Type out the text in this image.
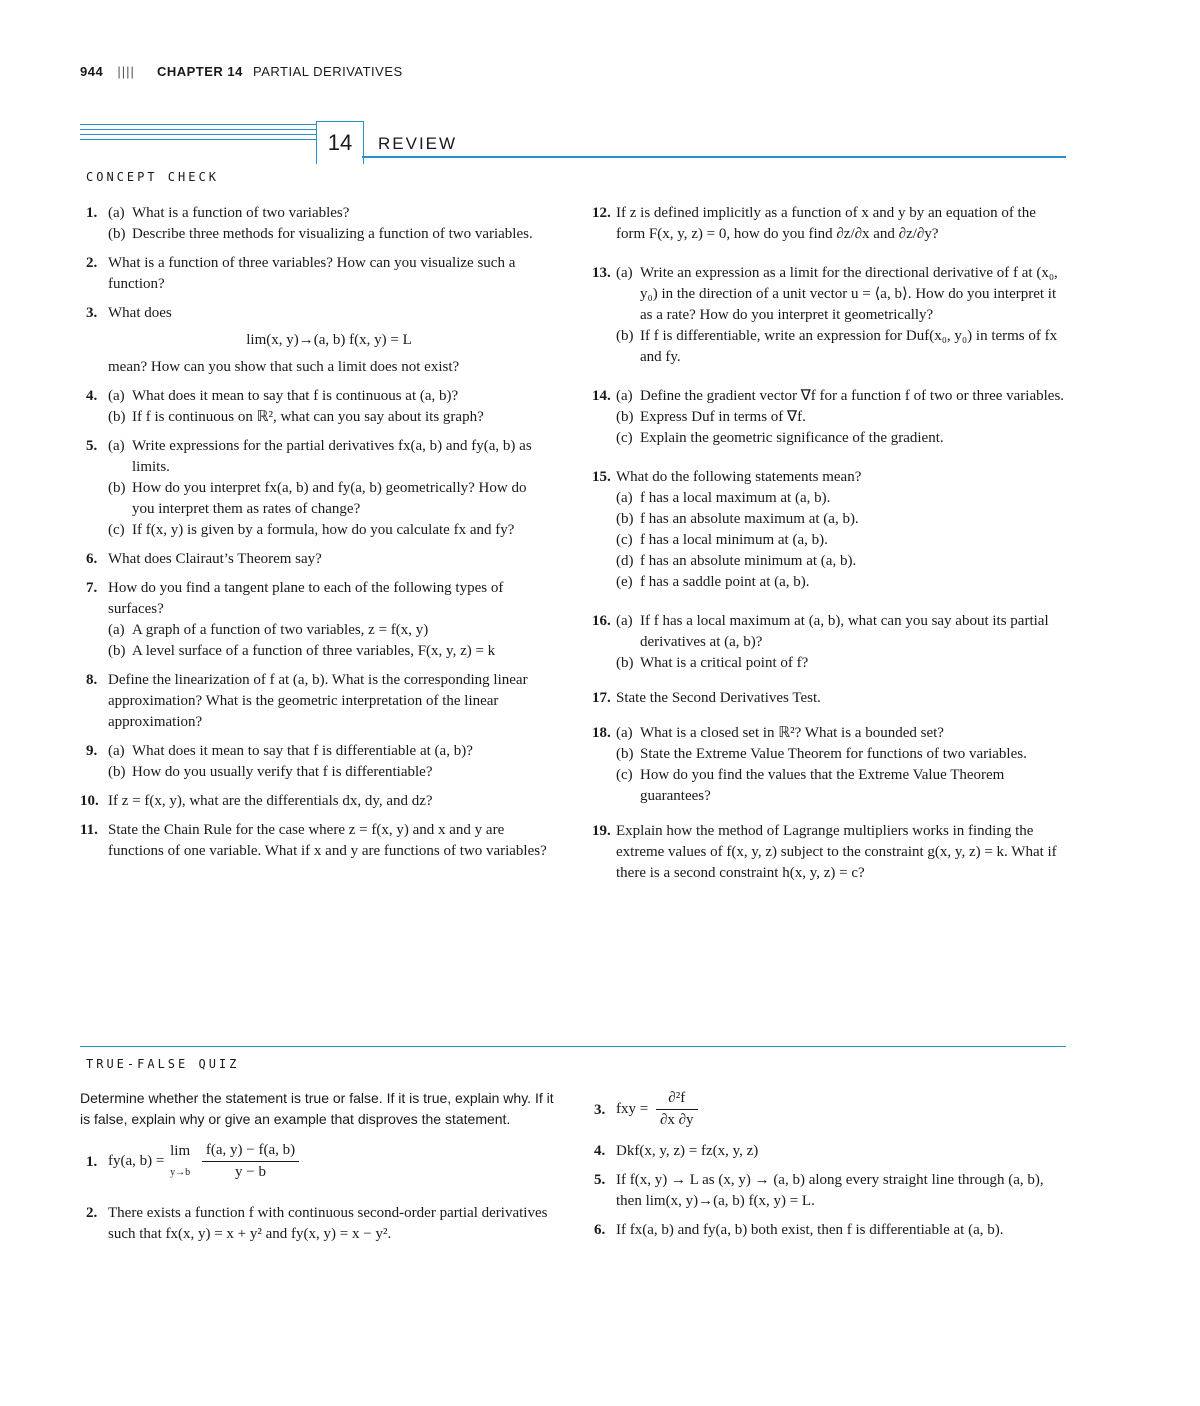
944 |||| CHAPTER 14 PARTIAL DERIVATIVES
14	REVIEW
CONCEPT CHECK
1. (a) What is a function of two variables?
(b) Describe three methods for visualizing a function of two variables.
2. What is a function of three variables? How can you visualize such a function?
3. What does
lim(x, y)→(a, b) f(x, y) = L
mean? How can you show that such a limit does not exist?
4. (a) What does it mean to say that f is continuous at (a, b)?
(b) If f is continuous on ℝ², what can you say about its graph?
5. (a) Write expressions for the partial derivatives fx(a, b) and fy(a, b) as limits.
(b) How do you interpret fx(a, b) and fy(a, b) geometrically? How do you interpret them as rates of change?
(c) If f(x, y) is given by a formula, how do you calculate fx and fy?
6. What does Clairaut’s Theorem say?
7. How do you find a tangent plane to each of the following types of surfaces?
(a) A graph of a function of two variables, z = f(x, y)
(b) A level surface of a function of three variables, F(x, y, z) = k
8. Define the linearization of f at (a, b). What is the corresponding linear approximation? What is the geometric interpretation of the linear approximation?
9. (a) What does it mean to say that f is differentiable at (a, b)?
(b) How do you usually verify that f is differentiable?
10. If z = f(x, y), what are the differentials dx, dy, and dz?
11. State the Chain Rule for the case where z = f(x, y) and x and y are functions of one variable. What if x and y are functions of two variables?
12. If z is defined implicitly as a function of x and y by an equation of the form F(x, y, z) = 0, how do you find ∂z/∂x and ∂z/∂y?
13. (a) Write an expression as a limit for the directional derivative of f at (x₀, y₀) in the direction of a unit vector u = ⟨a, b⟩. How do you interpret it as a rate? How do you interpret it geometrically?
(b) If f is differentiable, write an expression for Duf(x₀, y₀) in terms of fx and fy.
14. (a) Define the gradient vector ∇f for a function f of two or three variables.
(b) Express Duf in terms of ∇f.
(c) Explain the geometric significance of the gradient.
15. What do the following statements mean?
(a) f has a local maximum at (a, b).
(b) f has an absolute maximum at (a, b).
(c) f has a local minimum at (a, b).
(d) f has an absolute minimum at (a, b).
(e) f has a saddle point at (a, b).
16. (a) If f has a local maximum at (a, b), what can you say about its partial derivatives at (a, b)?
(b) What is a critical point of f?
17. State the Second Derivatives Test.
18. (a) What is a closed set in ℝ²? What is a bounded set?
(b) State the Extreme Value Theorem for functions of two variables.
(c) How do you find the values that the Extreme Value Theorem guarantees?
19. Explain how the method of Lagrange multipliers works in finding the extreme values of f(x, y, z) subject to the constraint g(x, y, z) = k. What if there is a second constraint h(x, y, z) = c?
TRUE-FALSE QUIZ
Determine whether the statement is true or false. If it is true, explain why. If it is false, explain why or give an example that disproves the statement.
1. fy(a, b) =
lim
y→b
$\frac{f(a, y) - f(a, b)}{y - b}$
2. There exists a function f with continuous second-order partial derivatives such that fx(x, y) = x + y² and fy(x, y) = x − y².
3. fxy = $\frac{\text{∂²f}}{\partial x \partial y}$
4. Dkf(x, y, z) = fz(x, y, z)
5. If f(x, y) → L as (x, y) → (a, b) along every straight line through (a, b), then lim(x, y)→(a, b) f(x, y) = L.
6. If fx(a, b) and fy(a, b) both exist, then f is differentiable at (a, b).
